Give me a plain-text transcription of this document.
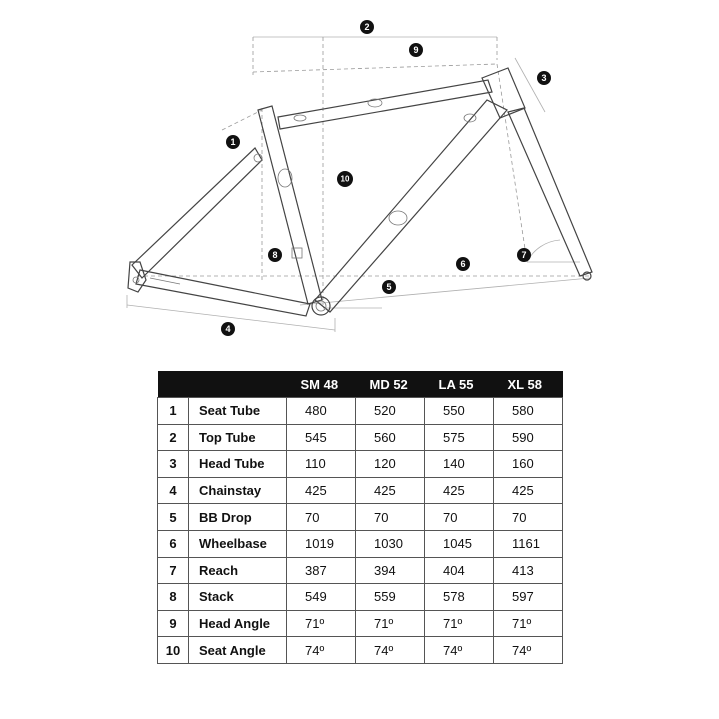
1
2
3
4
5
6
7
8
9
10
		SM 48	MD 52	LA 55	XL 58
1	Seat Tube	480	520	550	580
2	Top Tube	545	560	575	590
3	Head Tube	110	120	140	160
4	Chainstay	425	425	425	425
5	BB Drop	70	70	70	70
6	Wheelbase	1019	1030	1045	1161
7	Reach	387	394	404	413
8	Stack	549	559	578	597
9	Head Angle	71º	71º	71º	71º
10	Seat Angle	74º	74º	74º	74º
